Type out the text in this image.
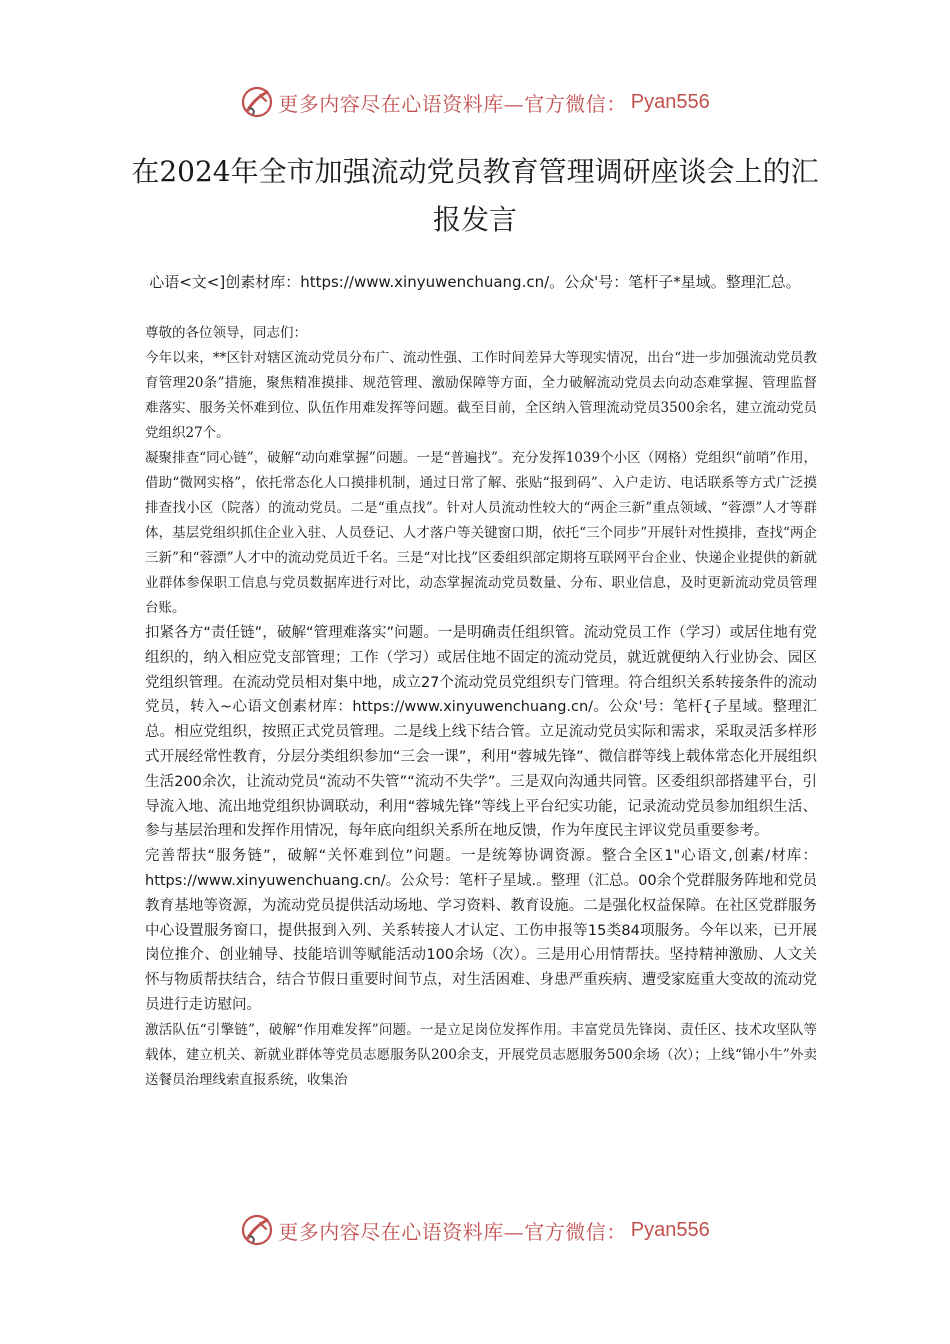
更多内容尽在心语资料库—官方微信： Pyan556
在2024年全市加强流动党员教育管理调研座谈会上的汇报发言

心语<文<]创素材库：https://www.xinyuwenchuang.cn/。公众'号：笔杆子*星域。整理汇总。

尊敬的各位领导，同志们：

今年以来，**区针对辖区流动党员分布广、流动性强、工作时间差异大等现实情况，出台“进一步加强流动党员教育管理20条”措施，聚焦精准摸排、规范管理、激励保障等方面，全力破解流动党员去向动态难掌握、管理监督难落实、服务关怀难到位、队伍作用难发挥等问题。截至目前，全区纳入管理流动党员3500余名，建立流动党员党组织27个。

凝聚排查“同心链”，破解“动向难掌握”问题。一是“普遍找”。充分发挥1039个小区（网格）党组织“前哨”作用，借助“微网实格”，依托常态化人口摸排机制，通过日常了解、张贴“报到码”、入户走访、电话联系等方式广泛摸排查找小区（院落）的流动党员。二是“重点找”。针对人员流动性较大的“两企三新”重点领域、“蓉漂”人才等群体，基层党组织抓住企业入驻、人员登记、人才落户等关键窗口期，依托“三个同步”开展针对性摸排，查找“两企三新”和“蓉漂”人才中的流动党员近千名。三是“对比找”区委组织部定期将互联网平台企业、快递企业提供的新就业群体参保职工信息与党员数据库进行对比，动态掌握流动党员数量、分布、职业信息，及时更新流动党员管理台账。

扣紧各方“责任链”，破解“管理难落实”问题。一是明确责任组织管。流动党员工作（学习）或居住地有党组织的，纳入相应党支部管理；工作（学习）或居住地不固定的流动党员，就近就便纳入行业协会、园区党组织管理。在流动党员相对集中地，成立27个流动党员党组织专门管理。符合组织关系转接条件的流动党员，转入~心语文创素材库：https://www.xinyuwenchuang.cn/。公众'号：笔杆{子星域。整理汇总。相应党组织，按照正式党员管理。二是线上线下结合管。立足流动党员实际和需求，采取灵活多样形式开展经常性教育，分层分类组织参加“三会一课”，利用“蓉城先锋”、微信群等线上载体常态化开展组织生活200余次，让流动党员“流动不失管”“流动不失学”。三是双向沟通共同管。区委组织部搭建平台，引导流入地、流出地党组织协调联动，利用“蓉城先锋”等线上平台纪实功能，记录流动党员参加组织生活、参与基层治理和发挥作用情况，每年底向组织关系所在地反馈，作为年度民主评议党员重要参考。

完善帮扶“服务链”，破解“关怀难到位”问题。一是统筹协调资源。整合全区1"心语文,创素/材库：https://www.xinyuwenchuang.cn/。公众号：笔杆子星域.。整理（汇总。00余个党群服务阵地和党员教育基地等资源，为流动党员提供活动场地、学习资料、教育设施。二是强化权益保障。在社区党群服务中心设置服务窗口，提供报到入列、关系转接人才认定、工伤申报等15类84项服务。今年以来，已开展岗位推介、创业辅导、技能培训等赋能活动100余场（次）。三是用心用情帮扶。坚持精神激励、人文关怀与物质帮扶结合，结合节假日重要时间节点，对生活困难、身患严重疾病、遭受家庭重大变故的流动党员进行走访慰问。

激活队伍“引擎链”，破解“作用难发挥”问题。一是立足岗位发挥作用。丰富党员先锋岗、责任区、技术攻坚队等载体，建立机关、新就业群体等党员志愿服务队200余支，开展党员志愿服务500余场（次）；上线“锦小牛”外卖送餐员治理线索直报系统，收集治

更多内容尽在心语资料库—官方微信： Pyan556
